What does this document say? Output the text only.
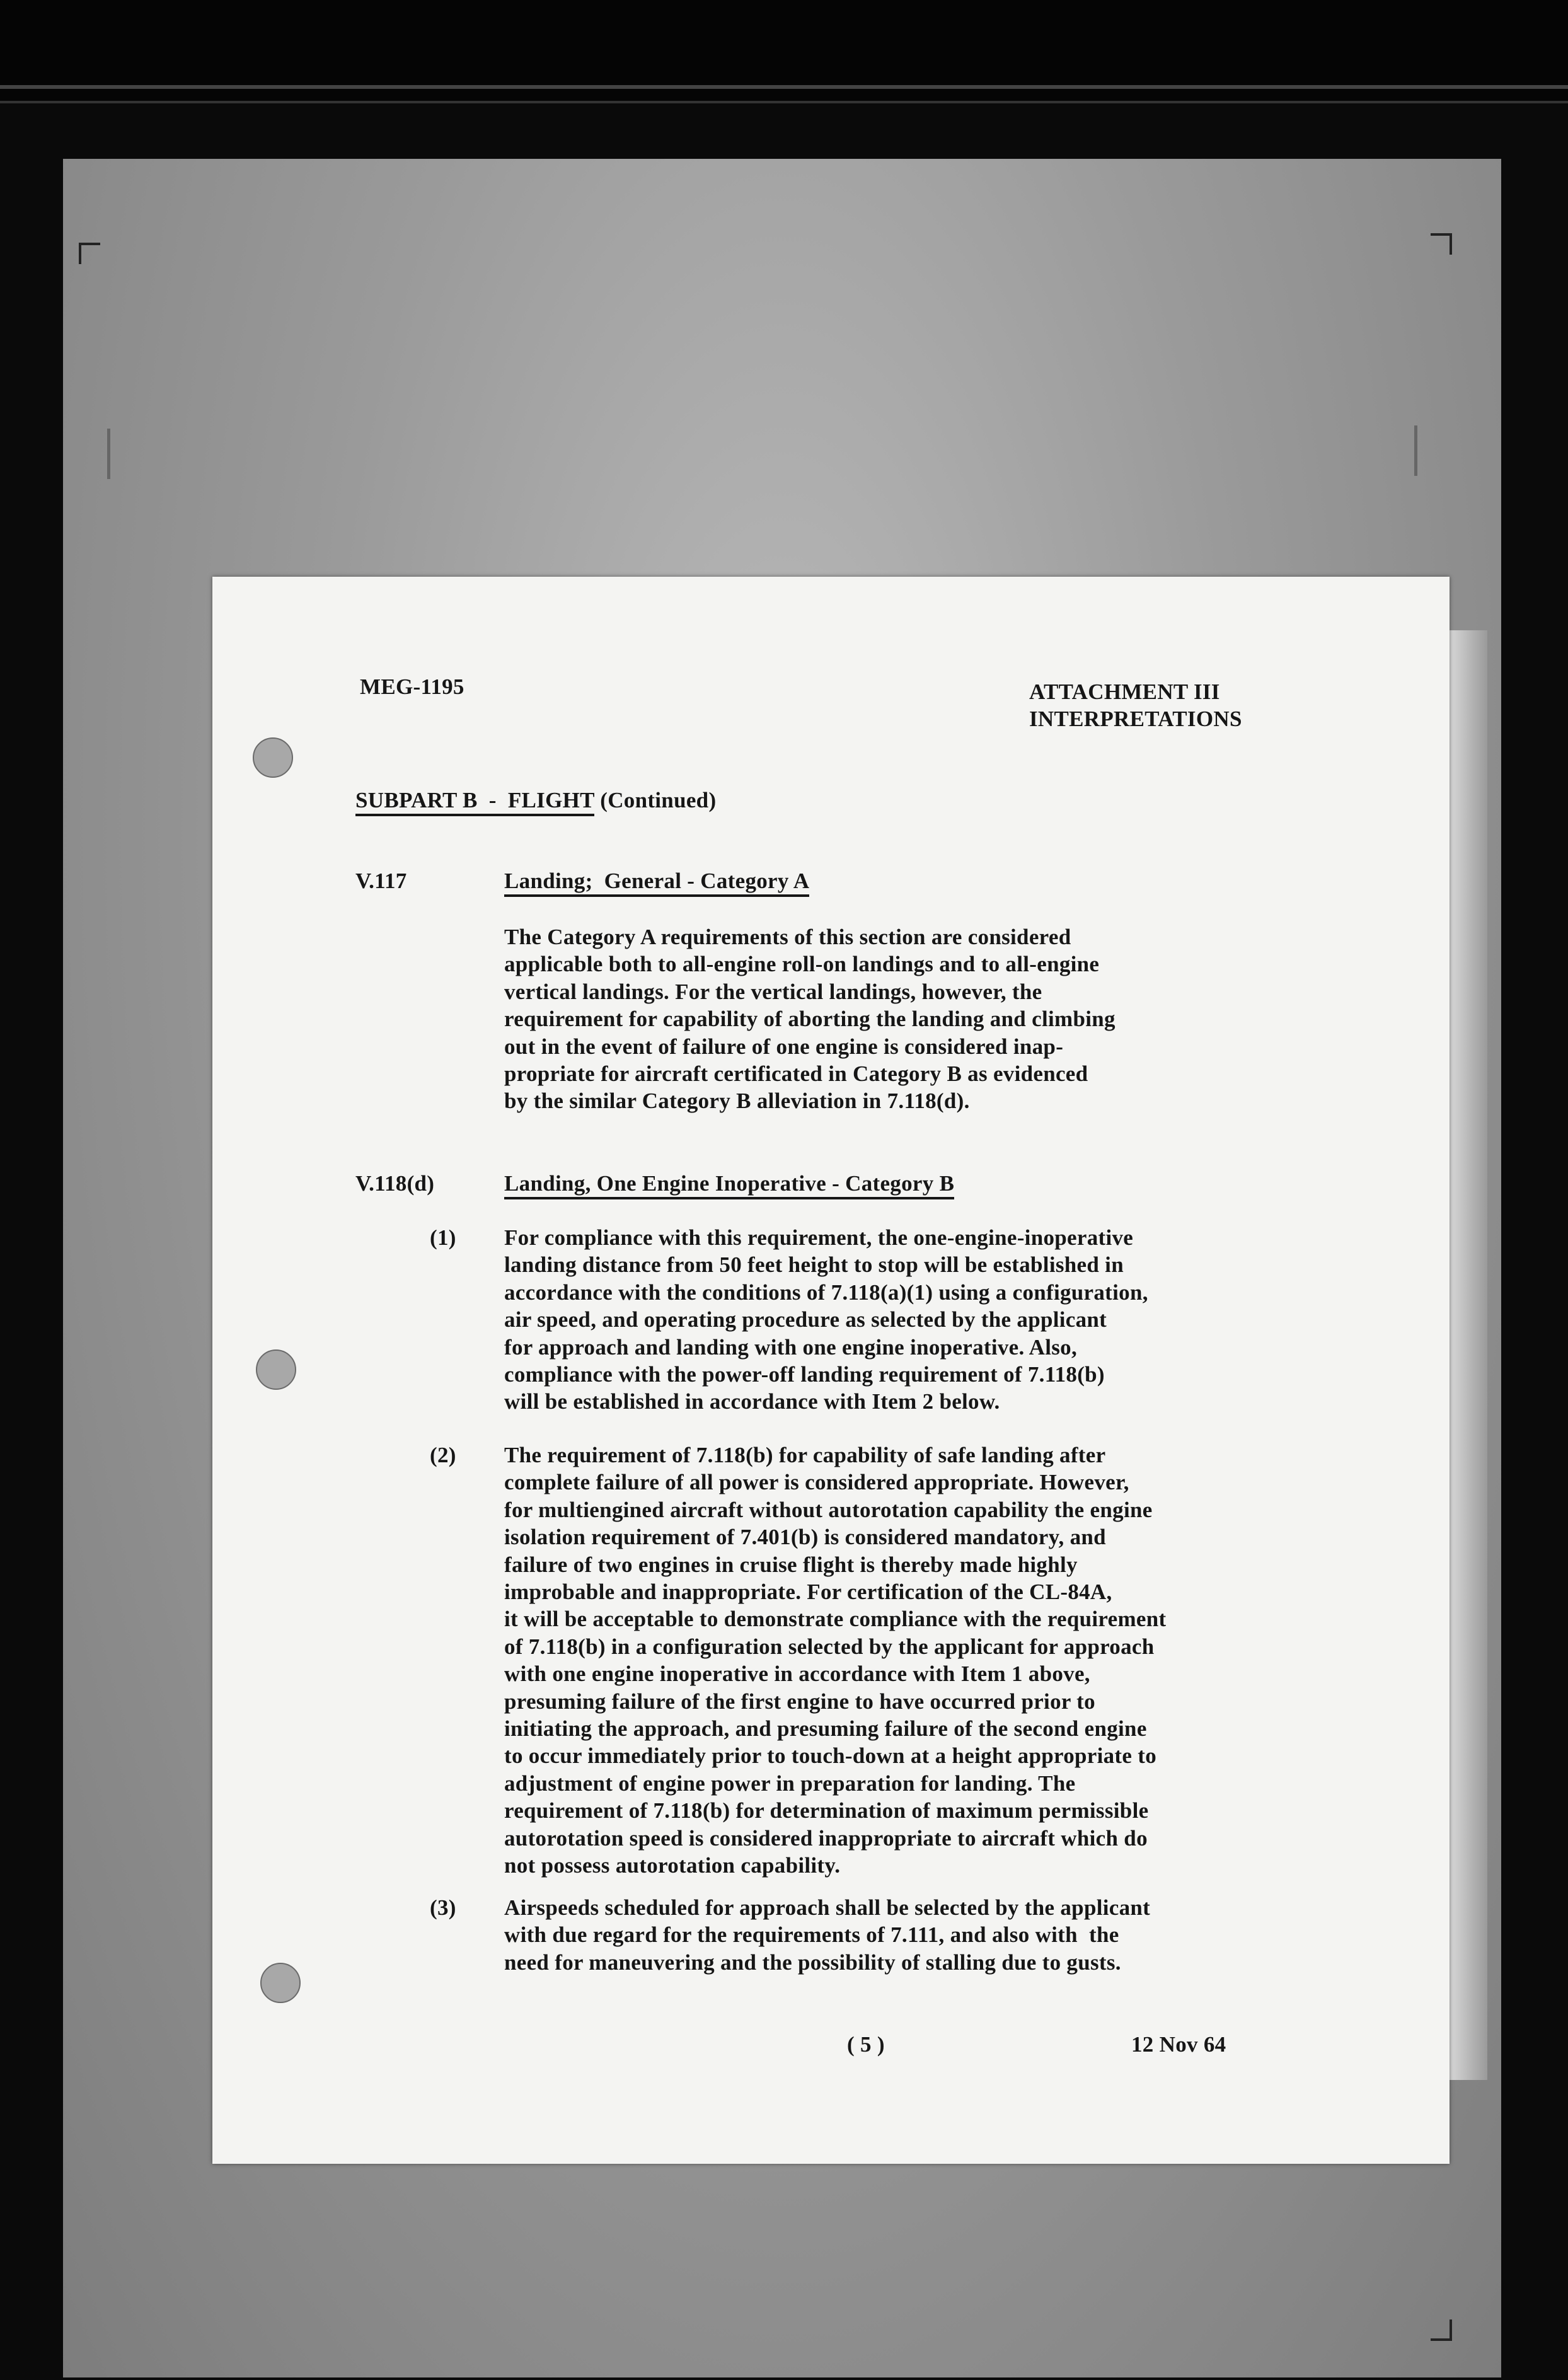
MEG-1195	ATTACHMENT III
INTERPRETATIONS
SUBPART B  -  FLIGHT (Continued)
V.117	Landing;  General - Category A
The Category A requirements of this section are considered
applicable both to all-engine roll-on landings and to all-engine
vertical landings. For the vertical landings, however, the
requirement for capability of aborting the landing and climbing
out in the event of failure of one engine is considered inap-
propriate for aircraft certificated in Category B as evidenced
by the similar Category B alleviation in 7.118(d).
V.118(d)	Landing, One Engine Inoperative - Category B
(1) For compliance with this requirement, the one-engine-inoperative
landing distance from 50 feet height to stop will be established in
accordance with the conditions of 7.118(a)(1) using a configuration,
air speed, and operating procedure as selected by the applicant
for approach and landing with one engine inoperative. Also,
compliance with the power-off landing requirement of 7.118(b)
will be established in accordance with Item 2 below.
(2) The requirement of 7.118(b) for capability of safe landing after
complete failure of all power is considered appropriate. However,
for multiengined aircraft without autorotation capability the engine
isolation requirement of 7.401(b) is considered mandatory, and
failure of two engines in cruise flight is thereby made highly
improbable and inappropriate. For certification of the CL-84A,
it will be acceptable to demonstrate compliance with the requirement
of 7.118(b) in a configuration selected by the applicant for approach
with one engine inoperative in accordance with Item 1 above,
presuming failure of the first engine to have occurred prior to
initiating the approach, and presuming failure of the second engine
to occur immediately prior to touch-down at a height appropriate to
adjustment of engine power in preparation for landing. The
requirement of 7.118(b) for determination of maximum permissible
autorotation speed is considered inappropriate to aircraft which do
not possess autorotation capability.
(3) Airspeeds scheduled for approach shall be selected by the applicant
with due regard for the requirements of 7.111, and also with  the
need for maneuvering and the possibility of stalling due to gusts.
( 5 )	12 Nov 64
